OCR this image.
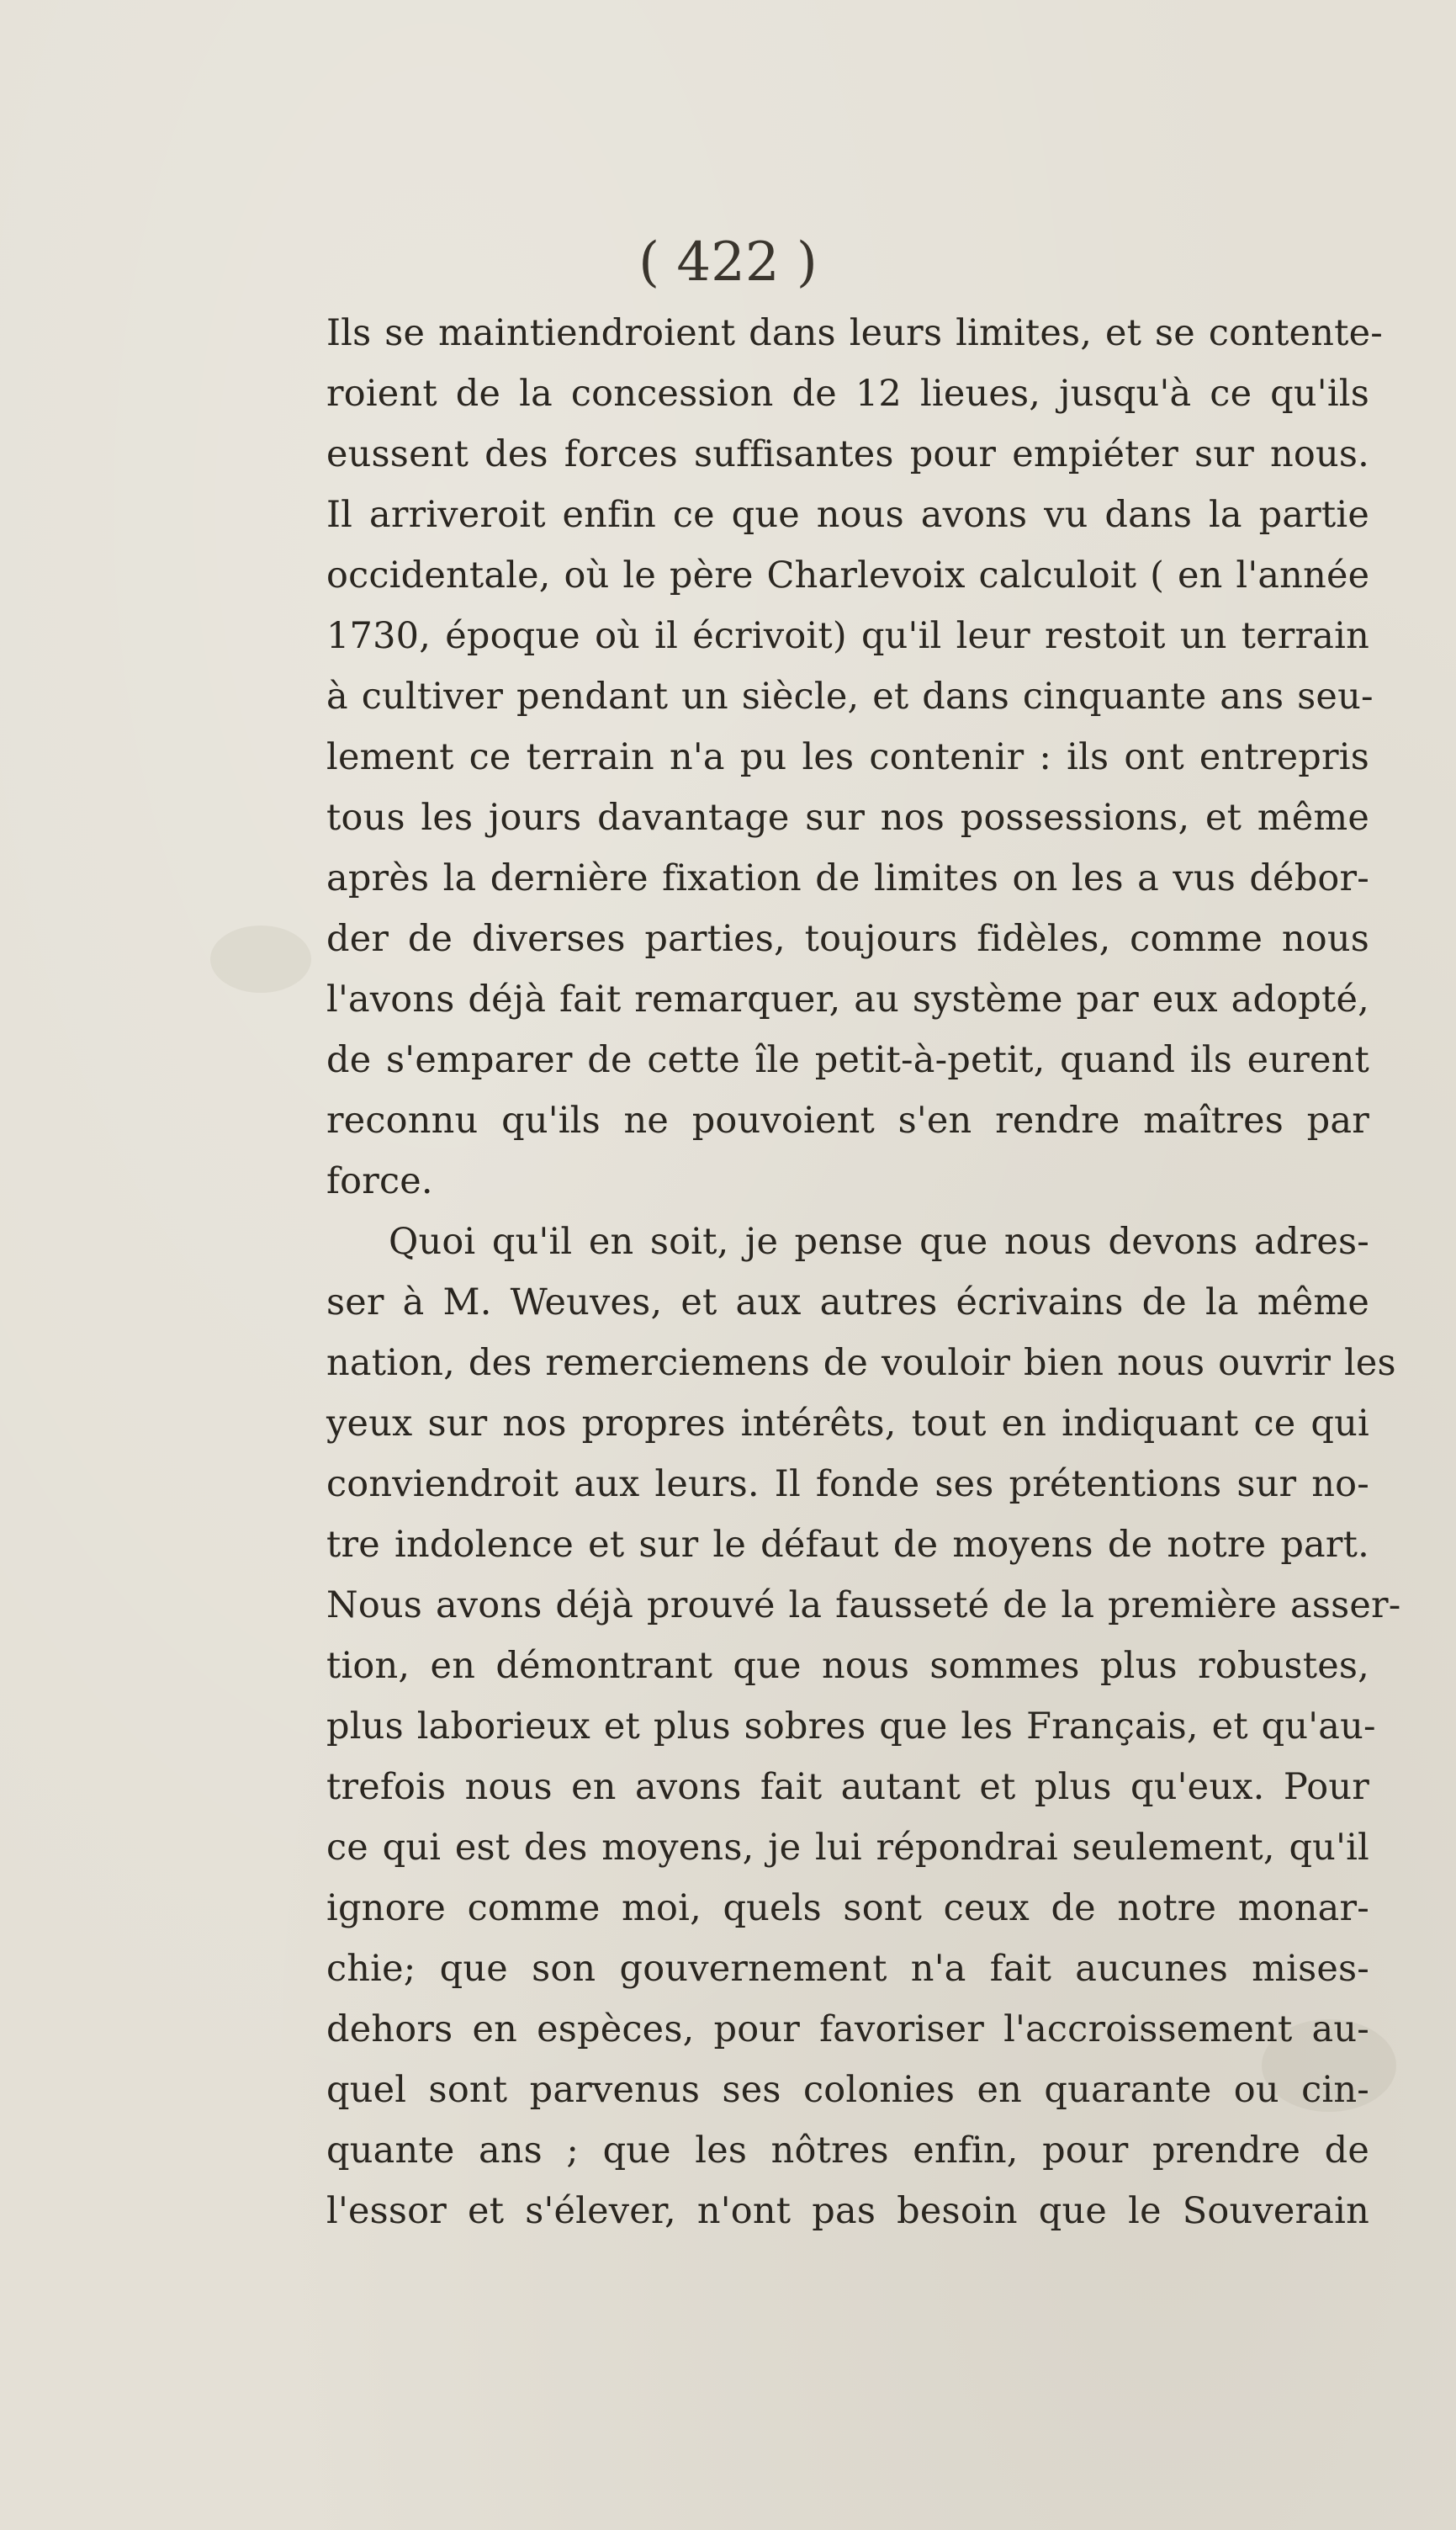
( 422 )
Ils se maintiendroient dans leurs limites, et se contente-
roient de la concession de 12 lieues, jusqu'à ce qu'ils
eussent des forces suffisantes pour empiéter sur nous.
Il arriveroit enfin ce que nous avons vu dans la partie
occidentale, où le père Charlevoix calculoit ( en l'année
1730, époque où il écrivoit) qu'il leur restoit un terrain
à cultiver pendant un siècle, et dans cinquante ans seu-
lement ce terrain n'a pu les contenir : ils ont entrepris
tous les jours davantage sur nos possessions, et même
après la dernière fixation de limites on les a vus débor-
der de diverses parties, toujours fidèles, comme nous
l'avons déjà fait remarquer, au système par eux adopté,
de s'emparer de cette île petit-à-petit, quand ils eurent
reconnu qu'ils ne pouvoient s'en rendre maîtres par
force.
Quoi qu'il en soit, je pense que nous devons adres-
ser à M. Weuves, et aux autres écrivains de la même
nation, des remerciemens de vouloir bien nous ouvrir les
yeux sur nos propres intérêts, tout en indiquant ce qui
conviendroit aux leurs. Il fonde ses prétentions sur no-
tre indolence et sur le défaut de moyens de notre part.
Nous avons déjà prouvé la fausseté de la première asser-
tion, en démontrant que nous sommes plus robustes,
plus laborieux et plus sobres que les Français, et qu'au-
trefois nous en avons fait autant et plus qu'eux. Pour
ce qui est des moyens, je lui répondrai seulement, qu'il
ignore comme moi, quels sont ceux de notre monar-
chie; que son gouvernement n'a fait aucunes mises-
dehors en espèces, pour favoriser l'accroissement au-
quel sont parvenus ses colonies en quarante ou cin-
quante ans ; que les nôtres enfin, pour prendre de
l'essor et s'élever, n'ont pas besoin que le Souverain
